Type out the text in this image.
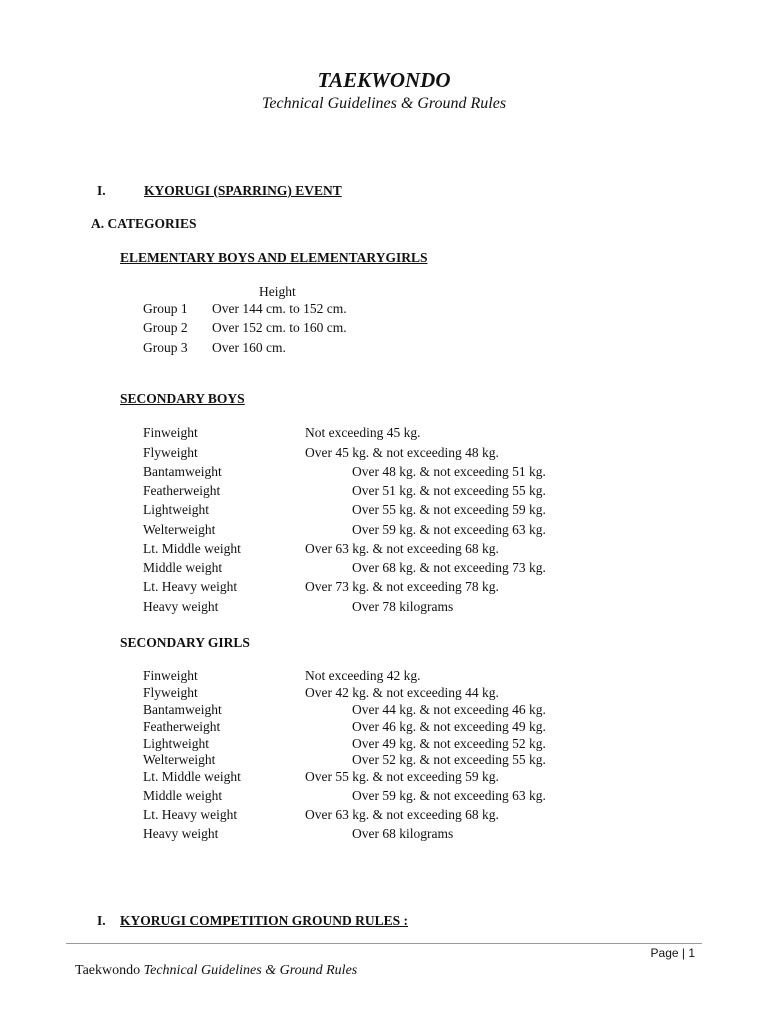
TAEKWONDO
Technical Guidelines & Ground Rules
I.	KYORUGI (SPARRING) EVENT
A. CATEGORIES
ELEMENTARY BOYS AND ELEMENTARYGIRLS
Height
Group 1 Over 144 cm. to 152 cm.
Group 2 Over 152 cm. to 160 cm.
Group 3 Over 160 cm.
SECONDARY BOYS
Finweight	Not exceeding 45 kg.
Flyweight	Over 45 kg. & not exceeding 48 kg.
Bantamweight	Over 48 kg. & not exceeding 51 kg.
Featherweight	Over 51 kg. & not exceeding 55 kg.
Lightweight	Over 55 kg. & not exceeding 59 kg.
Welterweight	Over 59 kg. & not exceeding 63 kg.
Lt. Middle weight	Over 63 kg. & not exceeding 68 kg.
Middle weight	Over 68 kg. & not exceeding 73 kg.
Lt. Heavy weight	Over 73 kg. & not exceeding 78 kg.
Heavy weight	Over 78 kilograms
SECONDARY GIRLS
Finweight	Not exceeding 42 kg.
Flyweight	Over 42 kg. & not exceeding 44 kg.
Bantamweight	Over 44 kg. & not exceeding 46 kg.
Featherweight	Over 46 kg. & not exceeding 49 kg.
Lightweight	Over 49 kg. & not exceeding 52 kg.
Welterweight	Over 52 kg. & not exceeding 55 kg.
Lt. Middle weight	Over 55 kg. & not exceeding 59 kg.
Middle weight	Over 59 kg. & not exceeding 63 kg.
Lt. Heavy weight	Over 63 kg. & not exceeding 68 kg.
Heavy weight	Over 68 kilograms
I. KYORUGI COMPETITION GROUND RULES :
Page | 1
Taekwondo Technical Guidelines & Ground Rules
